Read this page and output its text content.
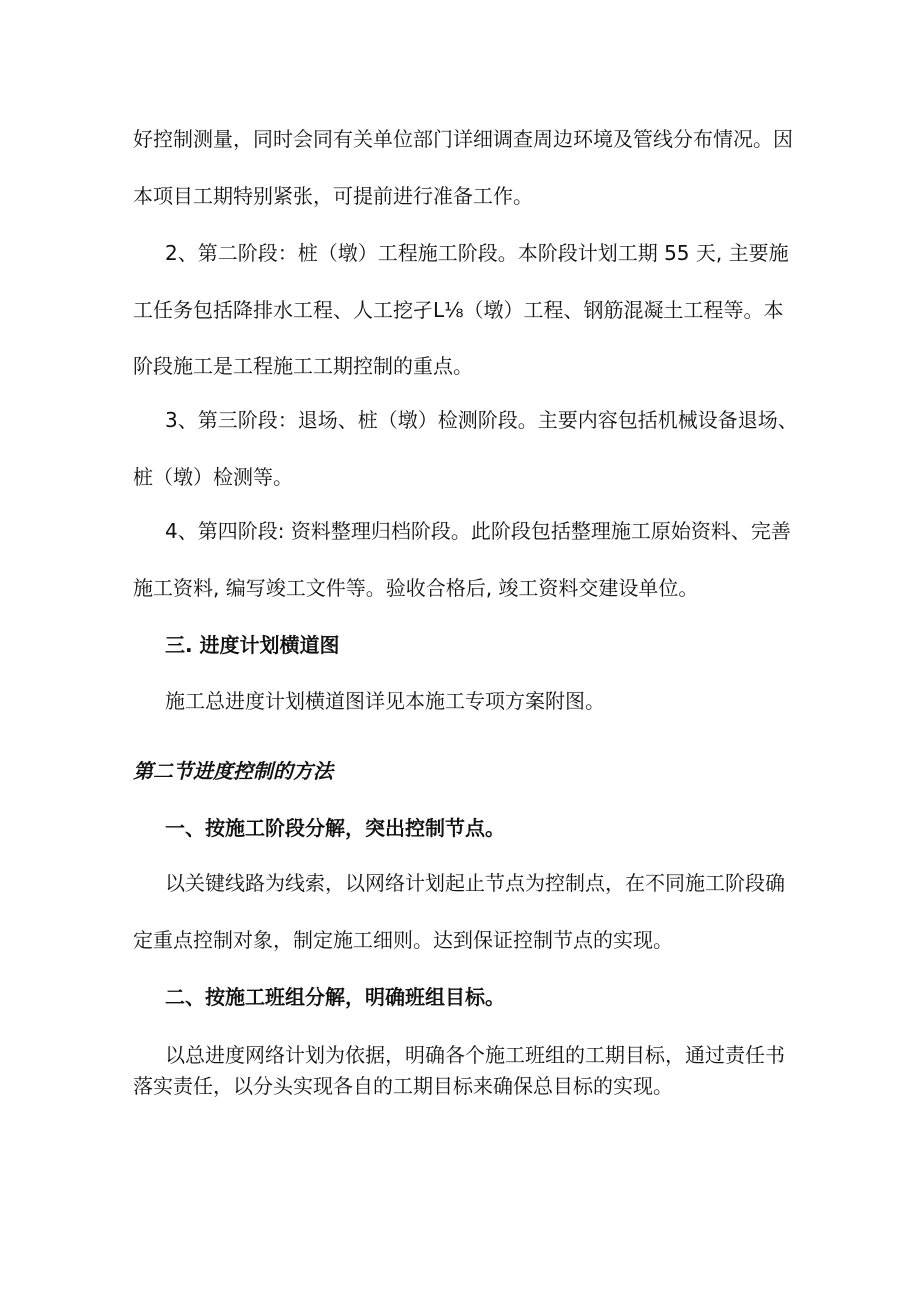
好控制测量，同时会同有关单位部门详细调查周边环境及管线分布情况。因
本项目工期特别紧张，可提前进行准备工作。
2、第二阶段：桩（墩）工程施工阶段。本阶段计划工期 55 天, 主要施
工任务包括降排水工程、人工挖孑L⅛（墩）工程、钢筋混凝土工程等。本
阶段施工是工程施工工期控制的重点。
3、第三阶段：退场、桩（墩）检测阶段。主要内容包括机械设备退场、
桩（墩）检测等。
4、第四阶段: 资料整理归档阶段。此阶段包括整理施工原始资料、完善
施工资料, 编写竣工文件等。验收合格后, 竣工资料交建设单位。
三. 进度计划横道图
施工总进度计划横道图详见本施工专项方案附图。
第二节进度控制的方法
一、按施工阶段分解，突出控制节点。
以关键线路为线索，以网络计划起止节点为控制点，在不同施工阶段确
定重点控制对象，制定施工细则。达到保证控制节点的实现。
二、按施工班组分解，明确班组目标。
以总进度网络计划为依据，明确各个施工班组的工期目标，通过责任书
落实责任，以分头实现各自的工期目标来确保总目标的实现。
